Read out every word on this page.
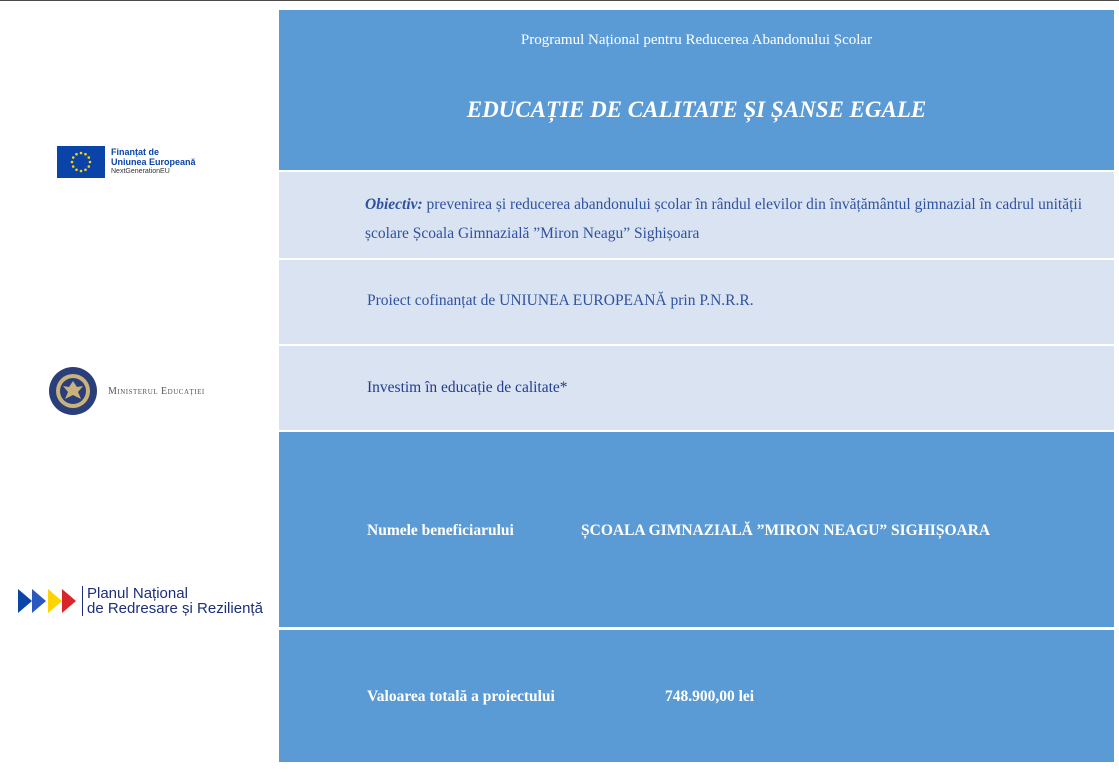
Finanțat de
Uniunea Europeană
NextGenerationEU
Ministerul Educației
Planul Național
de Redresare și Reziliență
Programul Național pentru Reducerea Abandonului Școlar
EDUCAȚIE DE CALITATE ȘI ȘANSE EGALE
Obiectiv: prevenirea și reducerea abandonului școlar în rândul elevilor din învățământul gimnazial în cadrul unității școlare Școala Gimnazială ”Miron Neagu” Sighișoara
Proiect cofinanțat de UNIUNEA EUROPEANĂ prin P.N.R.R.
Investim în educație de calitate*
Numele beneficiarului	ȘCOALA GIMNAZIALĂ ”MIRON NEAGU” SIGHIȘOARA
Valoarea totală a proiectului	748.900,00 lei
